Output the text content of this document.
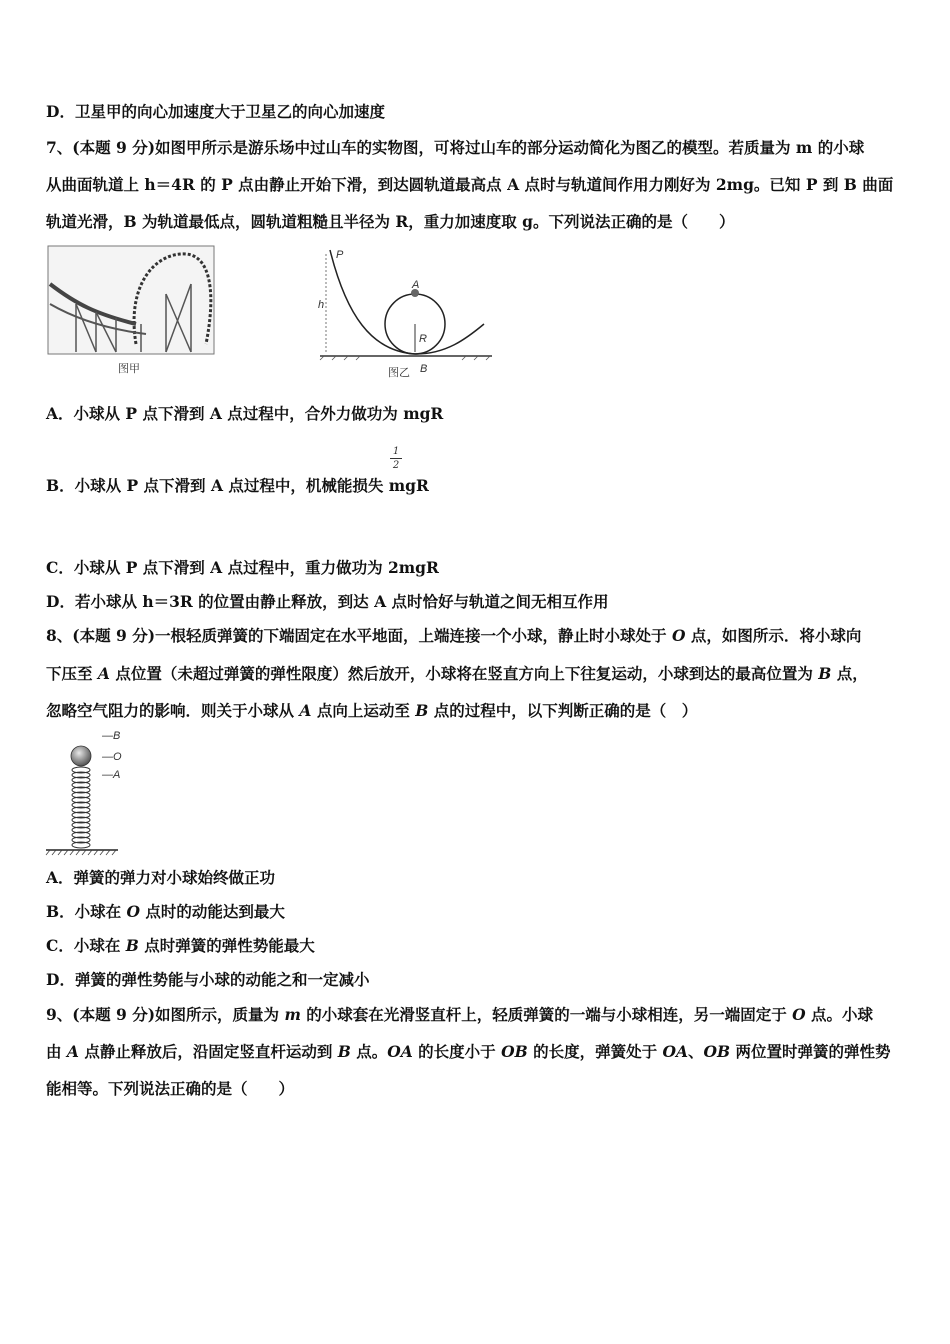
D．卫星甲的向心加速度大于卫星乙的向心加速度
7、(本题 9 分)如图甲所示是游乐场中过山车的实物图，可将过山车的部分运动简化为图乙的模型。若质量为 m 的小球
从曲面轨道上 h＝4R 的 P 点由静止开始下滑，到达圆轨道最高点 A 点时与轨道间作用力刚好为 2mg。已知 P 到 B 曲面
轨道光滑，B 为轨道最低点，圆轨道粗糙且半径为 R，重力加速度取 g。下列说法正确的是（　　）
图甲
P
h
A
R
图乙 B
A．小球从 P 点下滑到 A 点过程中，合外力做功为 mgR
1
2
B．小球从 P 点下滑到 A 点过程中，机械能损失 mgR
C．小球从 P 点下滑到 A 点过程中，重力做功为 2mgR
D．若小球从 h＝3R 的位置由静止释放，到达 A 点时恰好与轨道之间无相互作用
8、(本题 9 分)一根轻质弹簧的下端固定在水平地面，上端连接一个小球，静止时小球处于 O 点，如图所示．将小球向
下压至 A 点位置（未超过弹簧的弹性限度）然后放开，小球将在竖直方向上下往复运动，小球到达的最高位置为 B 点，
忽略空气阻力的影响．则关于小球从 A 点向上运动至 B 点的过程中，以下判断正确的是（　）
—B
—O
—A
A．弹簧的弹力对小球始终做正功
B．小球在 O 点时的动能达到最大
C．小球在 B 点时弹簧的弹性势能最大
D．弹簧的弹性势能与小球的动能之和一定减小
9、(本题 9 分)如图所示，质量为 m 的小球套在光滑竖直杆上，轻质弹簧的一端与小球相连，另一端固定于 O 点。小球
由 A 点静止释放后，沿固定竖直杆运动到 B 点。OA 的长度小于 OB 的长度，弹簧处于 OA、OB 两位置时弹簧的弹性势
能相等。下列说法正确的是（　　）
